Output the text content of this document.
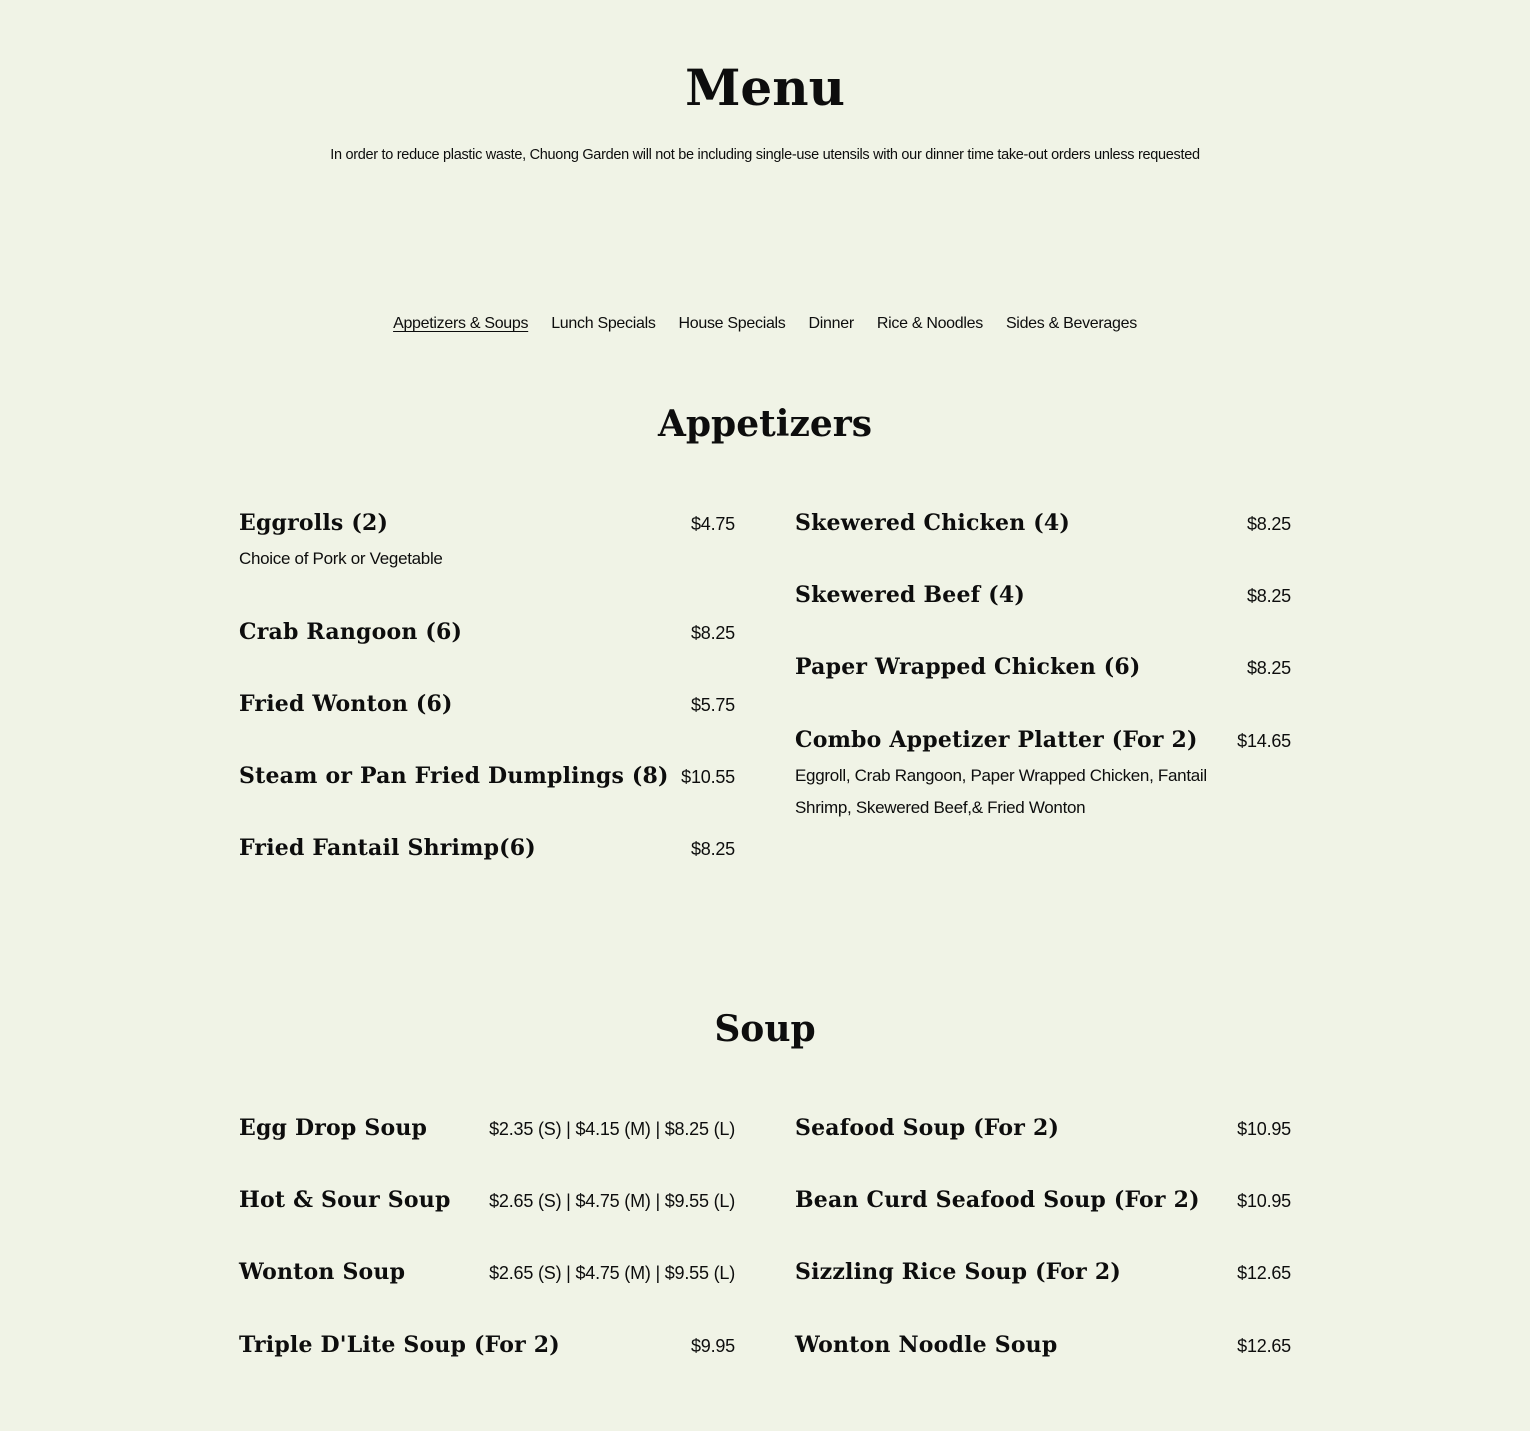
Menu

In order to reduce plastic waste, Chuong Garden will not be including single-use utensils with our dinner time take-out orders unless requested

Appetizers & Soups Lunch Specials House Specials Dinner Rice & Noodles Sides & Beverages
Appetizers
Eggrolls (2)	$4.75
Choice of Pork or Vegetable
Crab Rangoon (6)	$8.25
Fried Wonton (6)	$5.75
Steam or Pan Fried Dumplings (8) $10.55
Fried Fantail Shrimp(6)	$8.25
Skewered Chicken (4)	$8.25
Skewered Beef (4)	$8.25
Paper Wrapped Chicken (6)	$8.25
Combo Appetizer Platter (For 2) $14.65
Eggroll, Crab Rangoon, Paper Wrapped Chicken, Fantail Shrimp, Skewered Beef,& Fried Wonton
Soup
Egg Drop Soup	$2.35 (S) | $4.15 (M) | $8.25 (L)
Hot & Sour Soup $2.65 (S) | $4.75 (M) | $9.55 (L)
Wonton Soup	$2.65 (S) | $4.75 (M) | $9.55 (L)
Triple D'Lite Soup (For 2)	$9.95
Seafood Soup (For 2)	$10.95
Bean Curd Seafood Soup (For 2) $10.95
Sizzling Rice Soup (For 2)	$12.65
Wonton Noodle Soup	$12.65
